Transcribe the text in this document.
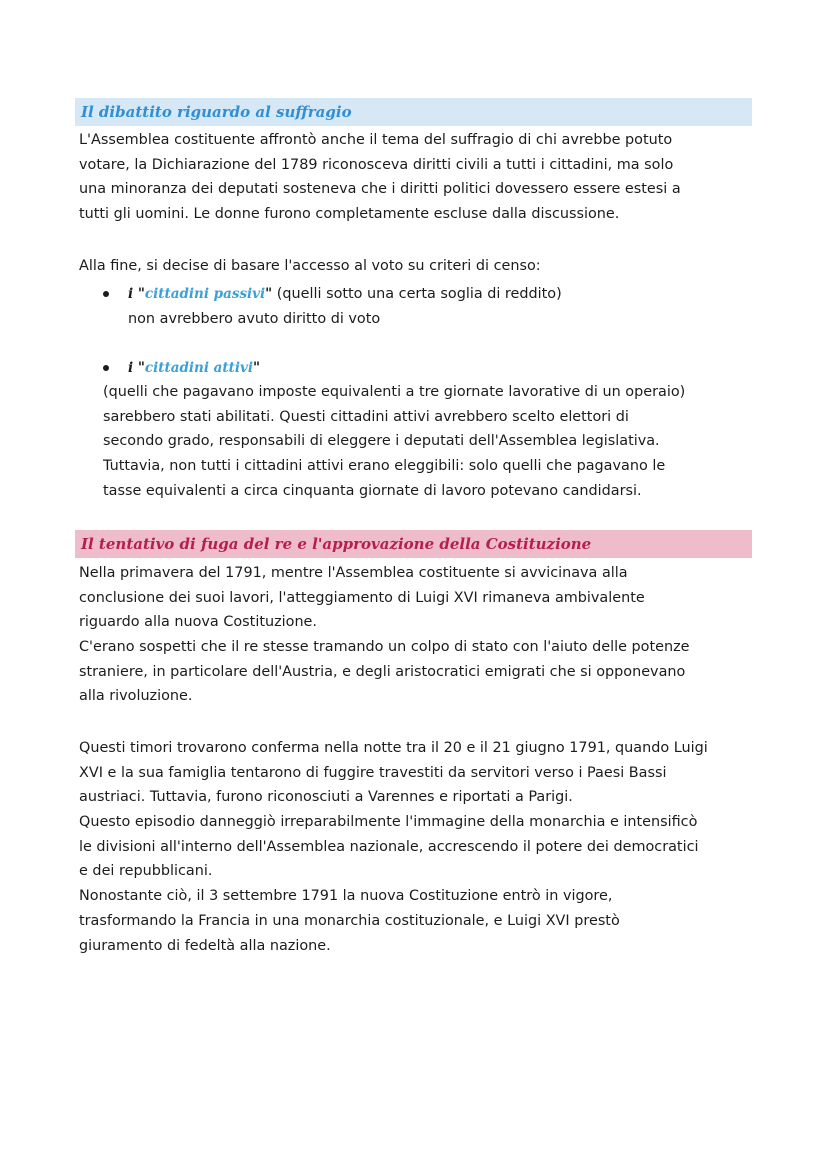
Il dibattito riguardo al suffragio
L'Assemblea costituente affrontò anche il tema del suffragio di chi avrebbe potuto
votare, la Dichiarazione del 1789 riconosceva diritti civili a tutti i cittadini, ma solo
una minoranza dei deputati sosteneva che i diritti politici dovessero essere estesi a
tutti gli uomini. Le donne furono completamente escluse dalla discussione.
Alla fine, si decise di basare l'accesso al voto su criteri di censo:
i "cittadini passivi" (quelli sotto una certa soglia di reddito)
non avrebbero avuto diritto di voto
i "cittadini attivi"
(quelli che pagavano imposte equivalenti a tre giornate lavorative di un operaio)
sarebbero stati abilitati. Questi cittadini attivi avrebbero scelto elettori di
secondo grado, responsabili di eleggere i deputati dell'Assemblea legislativa.
Tuttavia, non tutti i cittadini attivi erano eleggibili: solo quelli che pagavano le
tasse equivalenti a circa cinquanta giornate di lavoro potevano candidarsi.
Il tentativo di fuga del re e l'approvazione della Costituzione
Nella primavera del 1791, mentre l'Assemblea costituente si avvicinava alla
conclusione dei suoi lavori, l'atteggiamento di Luigi XVI rimaneva ambivalente
riguardo alla nuova Costituzione.
C'erano sospetti che il re stesse tramando un colpo di stato con l'aiuto delle potenze
straniere, in particolare dell'Austria, e degli aristocratici emigrati che si opponevano
alla rivoluzione.
Questi timori trovarono conferma nella notte tra il 20 e il 21 giugno 1791, quando Luigi
XVI e la sua famiglia tentarono di fuggire travestiti da servitori verso i Paesi Bassi
austriaci. Tuttavia, furono riconosciuti a Varennes e riportati a Parigi.
Questo episodio danneggiò irreparabilmente l'immagine della monarchia e intensificò
le divisioni all'interno dell'Assemblea nazionale, accrescendo il potere dei democratici
e dei repubblicani.
Nonostante ciò, il 3 settembre 1791 la nuova Costituzione entrò in vigore,
trasformando la Francia in una monarchia costituzionale, e Luigi XVI prestò
giuramento di fedeltà alla nazione.
